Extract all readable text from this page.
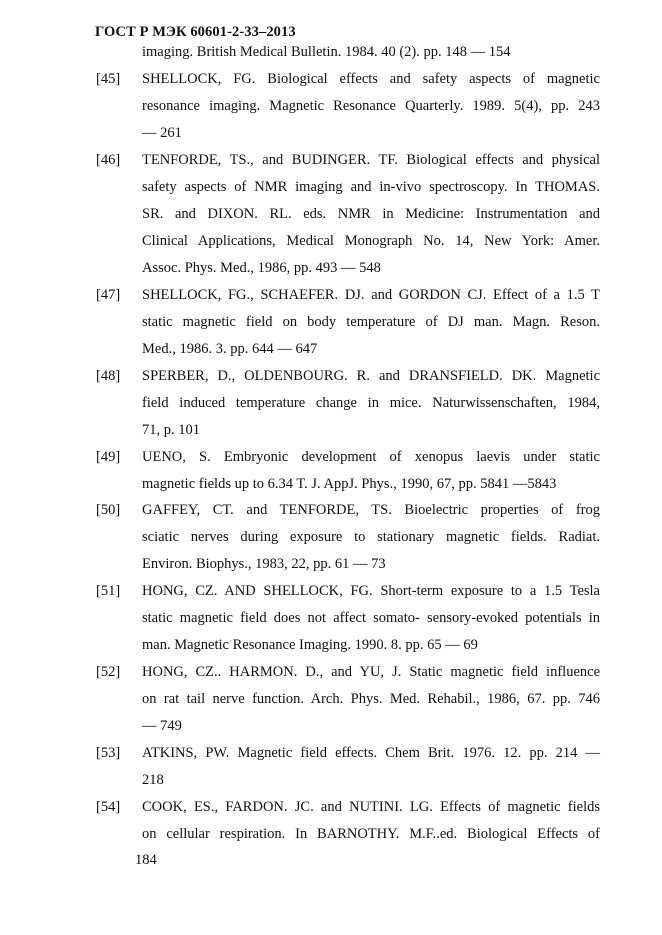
ГОСТ Р МЭК 60601-2-33–2013
imaging. British Medical Bulletin. 1984. 40 (2). pp. 148 — 154
[45] SHELLOCK, FG. Biological effects and safety aspects of magnetic
resonance imaging. Magnetic Resonance Quarterly. 1989. 5(4), pp. 243
— 261
[46] TENFORDE, TS., and BUDINGER. TF. Biological effects and physical
safety aspects of NMR imaging and in-vivo spectroscopy. In THOMAS.
SR. and DIXON. RL. eds. NMR in Medicine: Instrumentation and
Clinical Applications, Medical Monograph No. 14, New York: Amer.
Assoc. Phys. Med., 1986, pp. 493 — 548
[47] SHELLOCK, FG., SCHAEFER. DJ. and GORDON CJ. Effect of a 1.5 T
static magnetic field on body temperature of DJ man. Magn. Reson.
Med., 1986. 3. pp. 644 — 647
[48] SPERBER, D., OLDENBOURG. R. and DRANSFIELD. DK. Magnetic
field induced temperature change in mice. Naturwissenschaften, 1984,
71, p. 101
[49] UENO, S. Embryonic development of xenopus laevis under static
magnetic fields up to 6.34 T. J. AppJ. Phys., 1990, 67, pp. 5841 —5843
[50] GAFFEY, CT. and TENFORDE, TS. Bioelectric properties of frog
sciatic nerves during exposure to stationary magnetic fields. Radiat.
Environ. Biophys., 1983, 22, pp. 61 — 73
[51] HONG, CZ. AND SHELLOCK, FG. Short-term exposure to a 1.5 Tesla
static magnetic field does not affect somato- sensory-evoked potentials in
man. Magnetic Resonance Imaging. 1990. 8. pp. 65 — 69
[52] HONG, CZ.. HARMON. D., and YU, J. Static magnetic field influence
on rat tail nerve function. Arch. Phys. Med. Rehabil., 1986, 67. pp. 746
— 749
[53] ATKINS, PW. Magnetic field effects. Chem Brit. 1976. 12. pp. 214 —
218
[54] COOK, ES., FARDON. JC. and NUTINI. LG. Effects of magnetic fields
on cellular respiration. In BARNOTHY. M.F..ed. Biological Effects of
184
